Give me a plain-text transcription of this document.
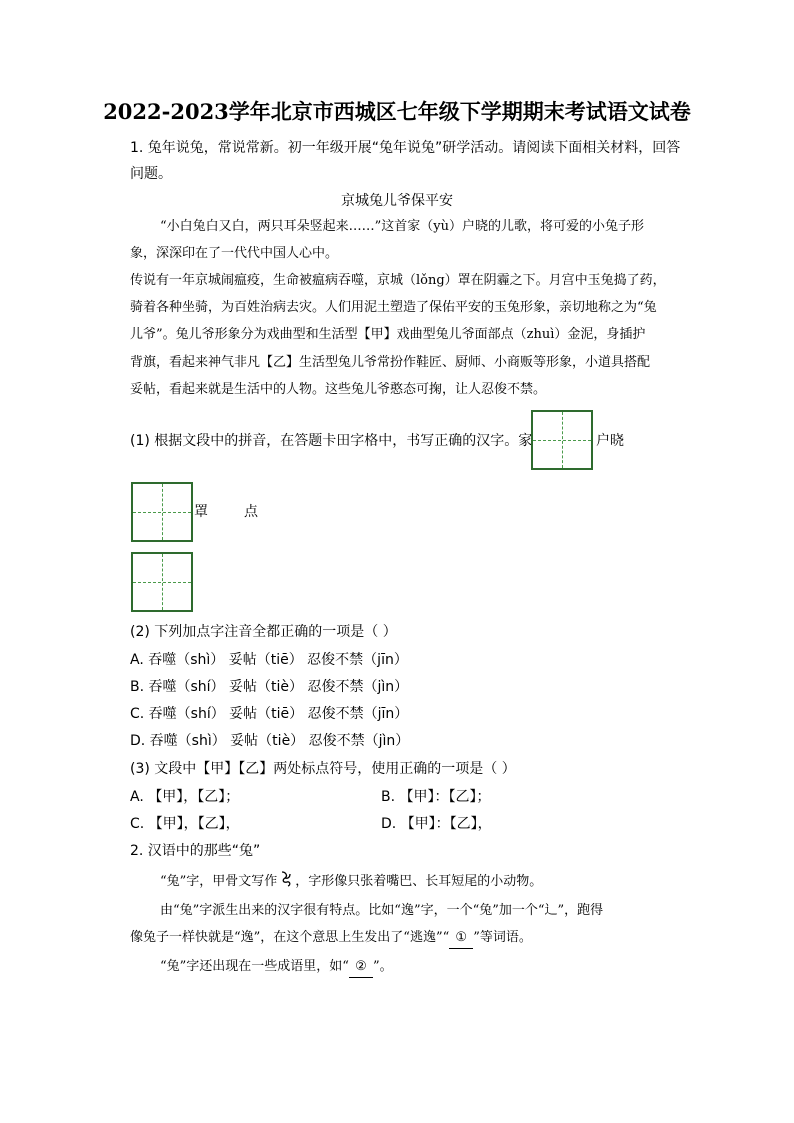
2022-2023学年北京市西城区七年级下学期期末考试语文试卷
1. 兔年说兔，常说常新。初一年级开展“兔年说兔”研学活动。请阅读下面相关材料，回答
问题。
京城兔儿爷保平安
“小白兔白又白，两只耳朵竖起来……”这首家（yù）户晓的儿歌，将可爱的小兔子形
象，深深印在了一代代中国人心中。
传说有一年京城闹瘟疫，生命被瘟病吞噬，京城（lǒng）罩在阴霾之下。月宫中玉兔捣了药，
骑着各种坐骑，为百姓治病去灾。人们用泥土塑造了保佑平安的玉兔形象，亲切地称之为“兔
儿爷”。兔儿爷形象分为戏曲型和生活型【甲】戏曲型兔儿爷面部点（zhuì）金泥，身插护
背旗，看起来神气非凡【乙】生活型兔儿爷常扮作鞋匠、厨师、小商贩等形象，小道具搭配
妥帖，看起来就是生活中的人物。这些兔儿爷憨态可掬，让人忍俊不禁。
(1) 根据文段中的拼音，在答题卡田字格中，书写正确的汉字。家	户晓
罩	点
(2) 下列加点字注音全都正确的一项是（ ）
A. 吞噬（shì） 妥帖（tiē） 忍俊不禁（jīn）
B. 吞噬（shí） 妥帖（tiè） 忍俊不禁（jìn）
C. 吞噬（shí） 妥帖（tiē） 忍俊不禁（jīn）
D. 吞噬（shì） 妥帖（tiè） 忍俊不禁（jìn）
(3) 文段中【甲】【乙】两处标点符号，使用正确的一项是（ ）
A. 【甲】，【乙】；	B. 【甲】：【乙】；
C. 【甲】，【乙】，	D. 【甲】：【乙】，
2. 汉语中的那些“兔”
“兔”字，甲骨文写作 ，字形像只张着嘴巴、长耳短尾的小动物。
由“兔”字派生出来的汉字很有特点。比如“逸”字，一个“兔”加一个“辶”，跑得
像兔子一样快就是“逸”，在这个意思上生发出了“逃逸”“ ① ”等词语。
“兔”字还出现在一些成语里，如“ ② ”。
